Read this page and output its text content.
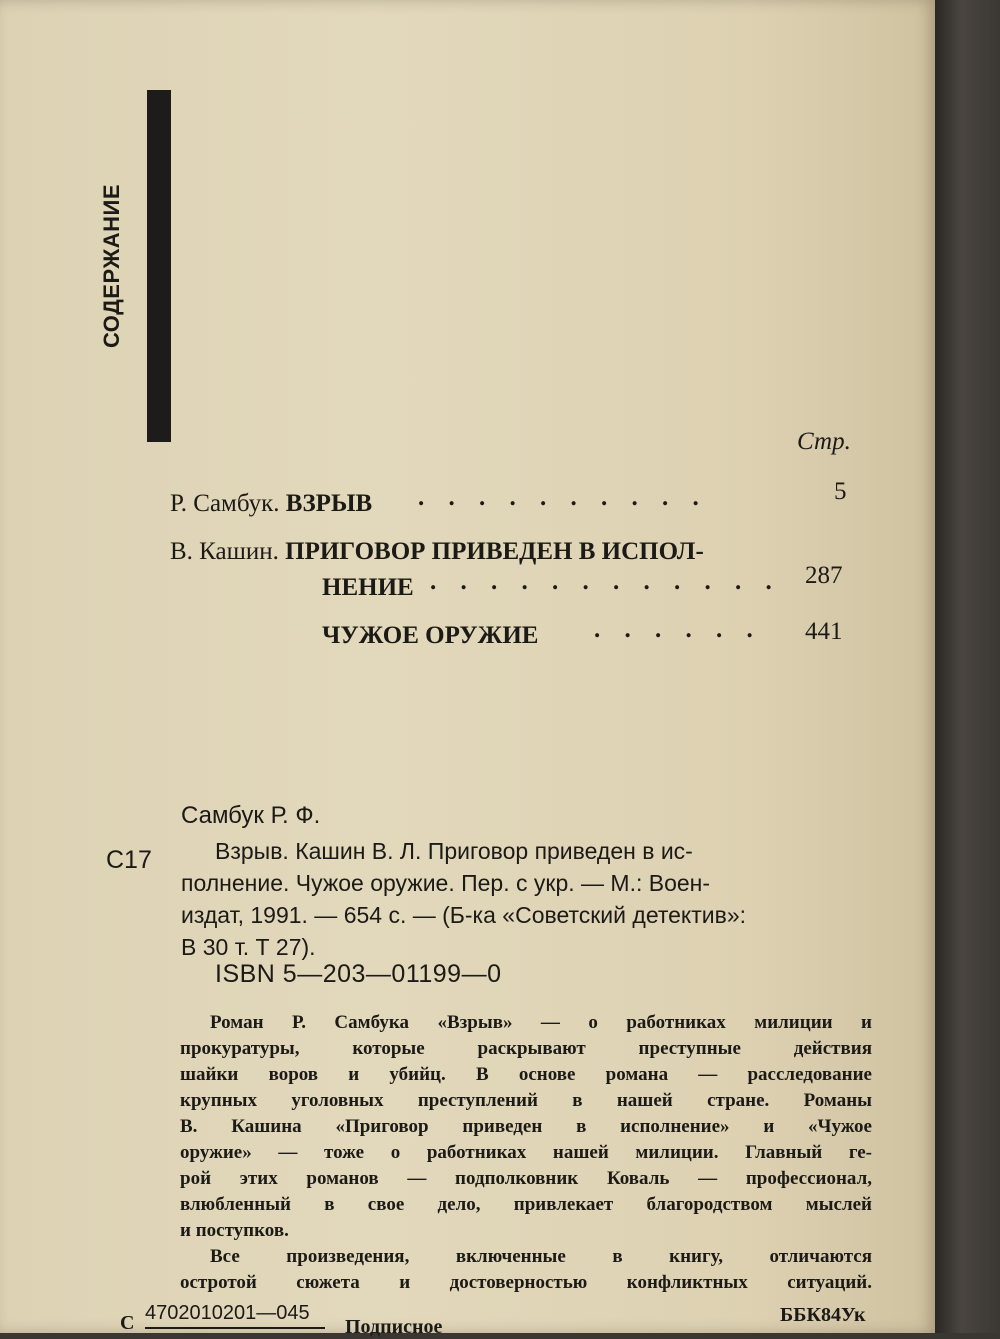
СОДЕРЖАНИЕ
Стр.
Р. Самбук. ВЗРЫВ . . . . . . . . . .	5
В. Кашин. ПРИГОВОР ПРИВЕДЕН В ИСПОЛ-
НЕНИЕ . . . . . . . . . . . . 287
ЧУЖОЕ ОРУЖИЕ . . . . . . 441
Самбук Р. Ф.
С17	Взрыв. Кашин В. Л. Приговор приведен в ис-
полнение. Чужое оружие. Пер. с укр. — М.: Воен-
издат, 1991. — 654 с. — (Б-ка «Советский детектив»:
В 30 т. Т 27).
ISBN 5—203—01199—0

Роман Р. Самбука «Взрыв» — о работниках милиции и

прокуратуры, которые раскрывают преступные действия

шайки воров и убийц. В основе романа — расследование

крупных уголовных преступлений в нашей стране. Романы

В. Кашина «Приговор приведен в исполнение» и «Чужое

оружие» — тоже о работниках нашей милиции. Главный ге-

рой этих романов — подполковник Коваль — профессионал,

влюбленный в свое дело, привлекает благородством мыслей

и поступков.

Все произведения, включенные в книгу, отличаются

остротой сюжета и достоверностью конфликтных ситуаций.

С 4702010201—045
Подписное
ББК84Ук
